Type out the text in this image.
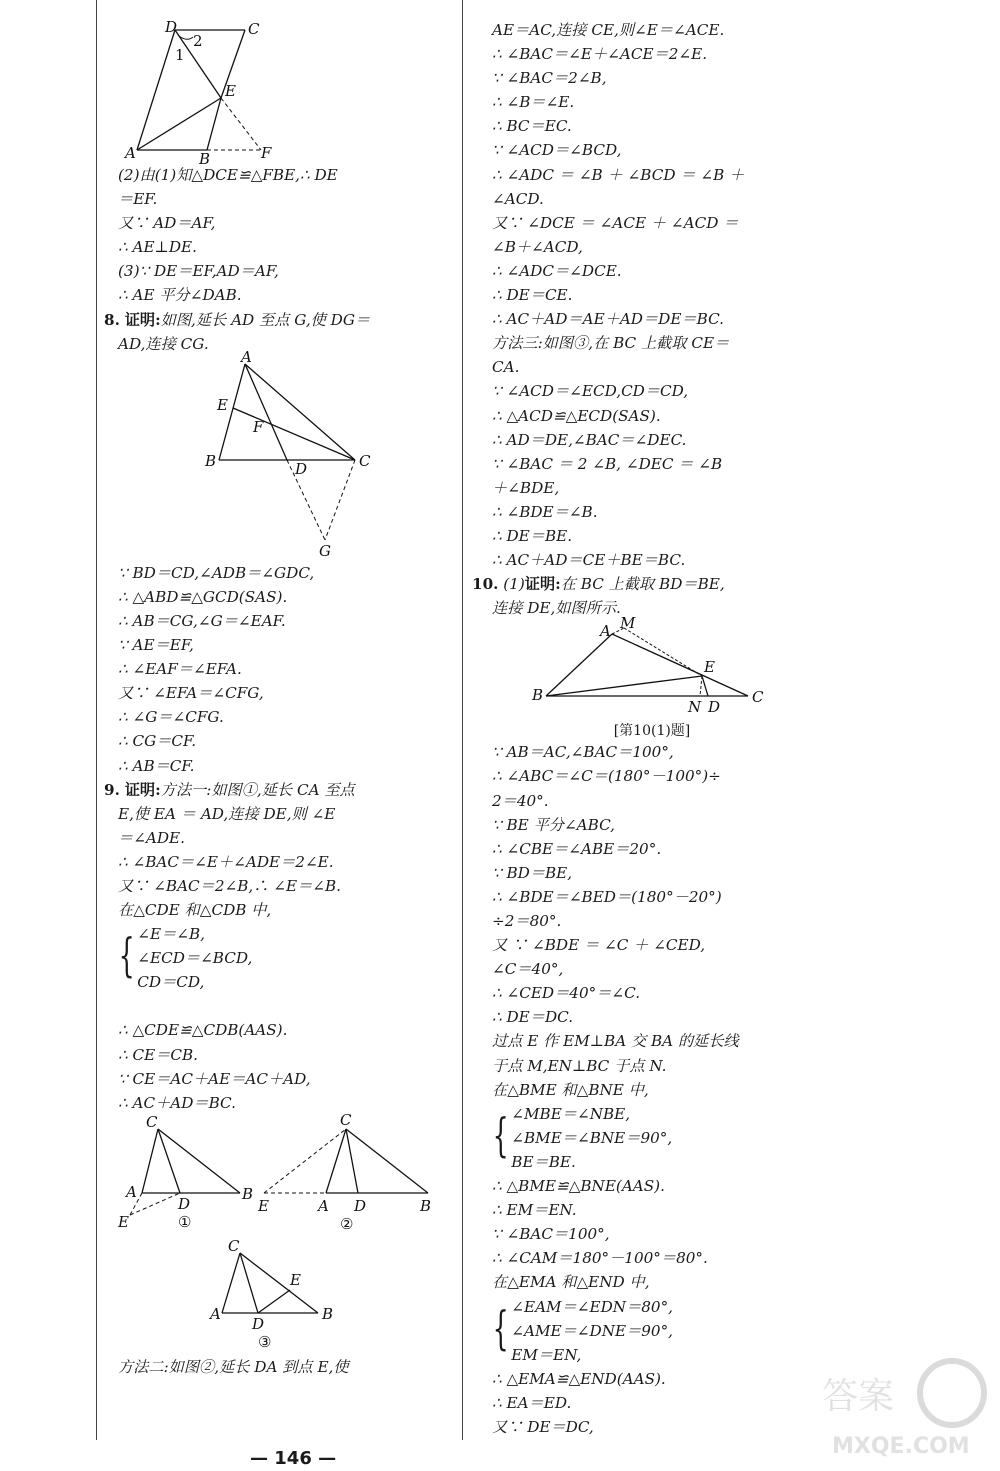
D	C
E
A	B	F
2
1
(2)由(1)知△DCE≌△FBE,∴ DE
＝EF.
又∵ AD＝AF,
∴ AE⊥DE.
(3)∵ DE＝EF,AD＝AF,
∴ AE 平分∠DAB.
8. 证明:如图,延长 AD 至点 G,使 DG＝
AD,连接 CG.
A
E
F
B	D	C
G
∵ BD＝CD,∠ADB＝∠GDC,
∴ △ABD≌△GCD(SAS).
∴ AB＝CG,∠G＝∠EAF.
∵ AE＝EF,
∴ ∠EAF＝∠EFA.
又∵ ∠EFA＝∠CFG,
∴ ∠G＝∠CFG.
∴ CG＝CF.
∴ AB＝CF.
9. 证明:方法一:如图①,延长 CA 至点
E,使 EA ＝ AD,连接 DE,则 ∠E
＝∠ADE.
∴ ∠BAC＝∠E＋∠ADE＝2∠E.
又∵ ∠BAC＝2∠B,∴ ∠E＝∠B.
在△CDE 和△CDB 中,
{ ∠E＝∠B,
∠ECD＝∠BCD,
CD＝CD,
∴ △CDE≌△CDB(AAS).
∴ CE＝CB.
∵ CE＝AC＋AE＝AC＋AD,
∴ AC＋AD＝BC.
C
A
D
B
E	①
C
E	A D	B
②
C
A
D
B
E
③
方法二:如图②,延长 DA 到点 E,使
AE＝AC,连接 CE,则∠E＝∠ACE.
∴ ∠BAC＝∠E＋∠ACE＝2∠E.
∵ ∠BAC＝2∠B,
∴ ∠B＝∠E.
∴ BC＝EC.
∵ ∠ACD＝∠BCD,
∴ ∠ADC ＝ ∠B ＋ ∠BCD ＝ ∠B ＋
∠ACD.
又∵ ∠DCE ＝ ∠ACE ＋ ∠ACD ＝
∠B＋∠ACD,
∴ ∠ADC＝∠DCE.
∴ DE＝CE.
∴ AC＋AD＝AE＋AD＝DE＝BC.
方法三:如图③,在 BC 上截取 CE＝
CA.
∵ ∠ACD＝∠ECD,CD＝CD,
∴ △ACD≌△ECD(SAS).
∴ AD＝DE,∠BAC＝∠DEC.
∵ ∠BAC ＝ 2 ∠B, ∠DEC ＝ ∠B
＋∠BDE,
∴ ∠BDE＝∠B.
∴ DE＝BE.
∴ AC＋AD＝CE＋BE＝BC.
10. (1)证明:在 BC 上截取 BD＝BE,
连接 DE,如图所示.
A M
E
B
N D
C
[第10(1)题]
∵ AB＝AC,∠BAC＝100°,
∴ ∠ABC＝∠C＝(180°－100°)÷
2＝40°.
∵ BE 平分∠ABC,
∴ ∠CBE＝∠ABE＝20°.
∵ BD＝BE,
∴ ∠BDE＝∠BED＝(180°－20°)
÷2＝80°.
又 ∵ ∠BDE ＝ ∠C ＋ ∠CED,
∠C＝40°,
∴ ∠CED＝40°＝∠C.
∴ DE＝DC.
过点 E 作 EM⊥BA 交 BA 的延长线
于点 M,EN⊥BC 于点 N.
在△BME 和△BNE 中,
{ ∠MBE＝∠NBE,
∠BME＝∠BNE＝90°,
BE＝BE.
∴ △BME≌△BNE(AAS).
∴ EM＝EN.
∵ ∠BAC＝100°,
∴ ∠CAM＝180°－100°＝80°.
在△EMA 和△END 中,
{ ∠EAM＝∠EDN＝80°,
∠AME＝∠DNE＝90°,
EM＝EN,
∴ △EMA≌△END(AAS).
∴ EA＝ED.
又∵ DE＝DC,
— 146 —
答案
MXQE.COM
